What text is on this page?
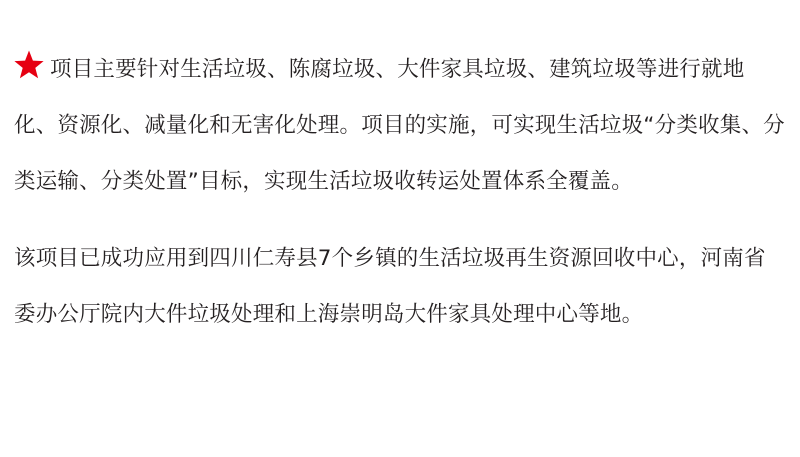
项目主要针对生活垃圾、陈腐垃圾、大件家具垃圾、建筑垃圾等进行就地化、资源化、减量化和无害化处理。项目的实施，可实现生活垃圾“分类收集、分类运输、分类处置”目标，实现生活垃圾收转运处置体系全覆盖。

该项目已成功应用到四川仁寿县7个乡镇的生活垃圾再生资源回收中心，河南省委办公厅院内大件垃圾处理和上海崇明岛大件家具处理中心等地。
